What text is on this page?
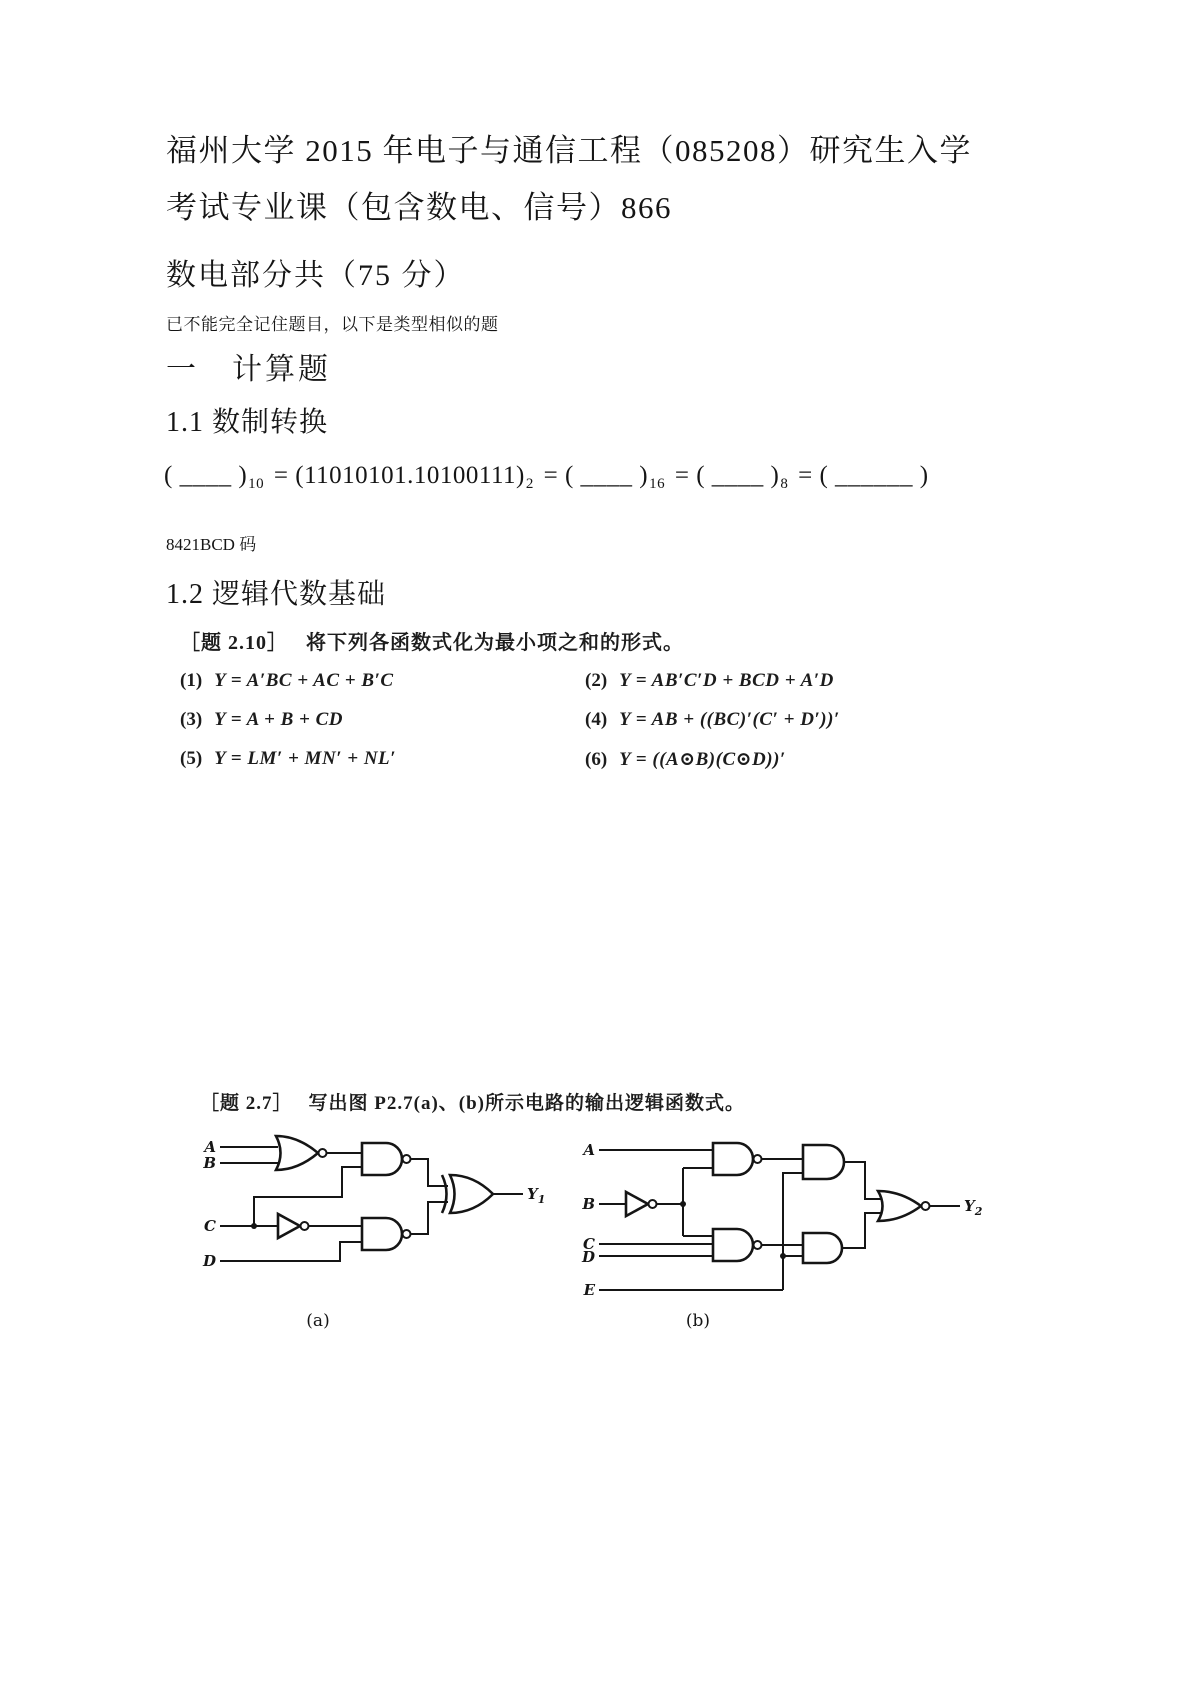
福州大学 2015 年电子与通信工程（085208）研究生入学考试专业课（包含数电、信号）866
数电部分共（75 分）
已不能完全记住题目，以下是类型相似的题
一　计算题
1.1 数制转换
( ____ )$_{10} = (11010101.10100111)_2$ = ( ____ )$_{16}$ = ( ____ )$_8$ = ( ______ )
8421BCD 码
1.2 逻辑代数基础
［题 2.10］ 将下列各函数式化为最小项之和的形式。
(1) Y = A′BC + AC + B′C	(2) Y = AB′C′D + BCD + A′D
(3) Y = A + B + CD	(4) Y = AB + ((BC)′(C′ + D′))′
(5) Y = LM′ + MN′ + NL′	(6) Y = ((A⊙B)(C⊙D))′
［题 2.7］ 写出图 P2.7(a)、(b)所示电路的输出逻辑函数式。
A
B
C
D
$Y_1$
(a)
A
B
C
D
E
$Y_2$
(b)
